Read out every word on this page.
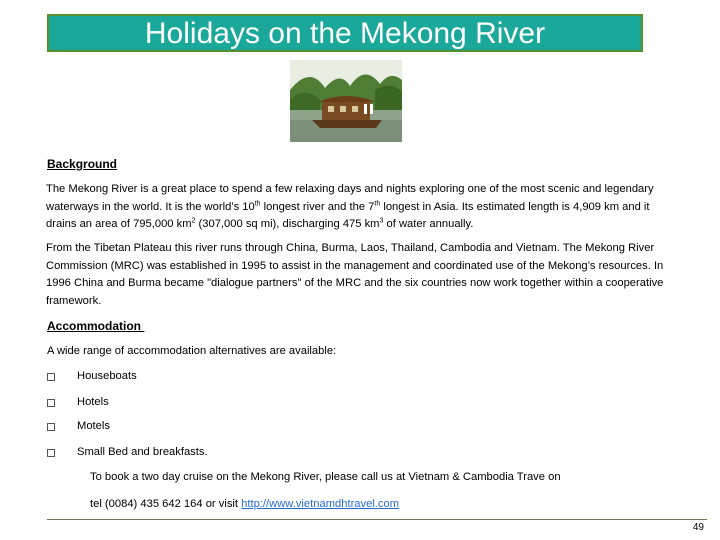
Holidays on the Mekong River
Background
The Mekong River is a great place to spend a few relaxing days and nights exploring one of the most scenic and legendary waterways in the world. It is the world’s 10th longest river and the 7th longest in Asia. Its estimated length is 4,909 km and it drains an area of 795,000 $km^2$ (307,000 sq mi), discharging 475 $km^3$ of water annually.
From the Tibetan Plateau this river runs through China, Burma, Laos, Thailand, Cambodia and Vietnam. The Mekong River Commission (MRC) was established in 1995 to assist in the management and coordinated use of the Mekong’s resources. In 1996 China and Burma became "dialogue partners" of the MRC and the six countries now work together within a cooperative framework.
Accommodation
A wide range of accommodation alternatives are available:
Houseboats
Hotels
Motels
Small Bed and breakfasts.
To book a two day cruise on the Mekong River, please call us at Vietnam & Cambodia Trave on
tel (0084) 435 642 164 or visit http://www.vietnamdhtravel.com
49
